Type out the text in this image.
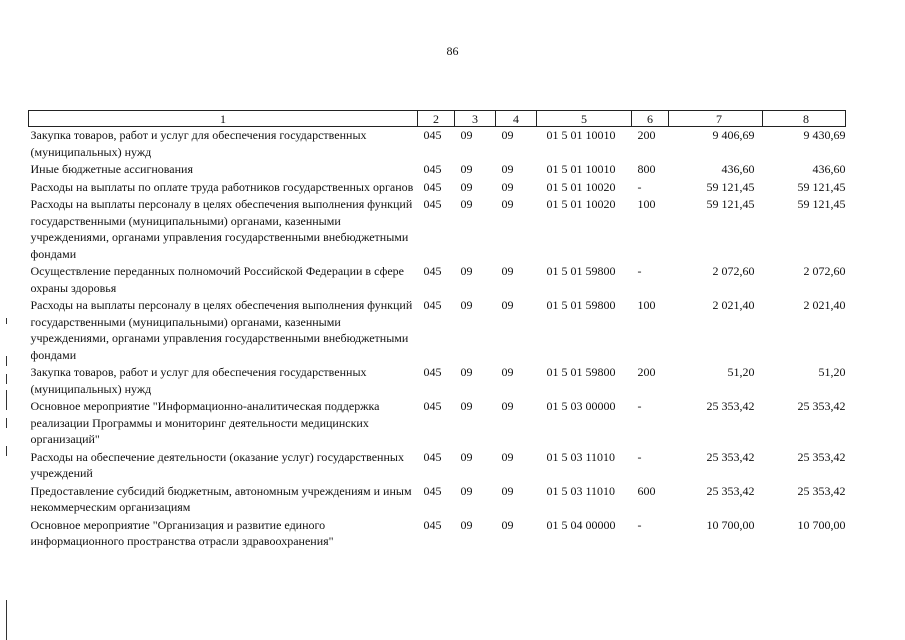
86
1	2	3	4	5	6	7	8
Закупка товаров, работ и услуг для обеспечения государственных (муниципальных) нужд	045	09	09	01 5 01 10010	200	9 406,69	9 430,69
Иные бюджетные ассигнования	045	09	09	01 5 01 10010	800	436,60	436,60
Расходы на выплаты по оплате труда работников государственных органов	045	09	09	01 5 01 10020	-	59 121,45	59 121,45
Расходы на выплаты персоналу в целях обеспечения выполнения функций государственными (муниципальными) органами, казенными учреждениями, органами управления государственными внебюджетными фондами	045	09	09	01 5 01 10020	100	59 121,45	59 121,45
Осуществление переданных полномочий Российской Федерации в сфере охраны здоровья	045	09	09	01 5 01 59800	-	2 072,60	2 072,60
Расходы на выплаты персоналу в целях обеспечения выполнения функций государственными (муниципальными) органами, казенными учреждениями, органами управления государственными внебюджетными фондами	045	09	09	01 5 01 59800	100	2 021,40	2 021,40
Закупка товаров, работ и услуг для обеспечения государственных (муниципальных) нужд	045	09	09	01 5 01 59800	200	51,20	51,20
Основное мероприятие "Информационно-аналитическая поддержка реализации Программы и мониторинг деятельности медицинских организаций"	045	09	09	01 5 03 00000	-	25 353,42	25 353,42
Расходы на обеспечение деятельности (оказание услуг) государственных учреждений	045	09	09	01 5 03 11010	-	25 353,42	25 353,42
Предоставление субсидий бюджетным, автономным учреждениям и иным некоммерческим организациям	045	09	09	01 5 03 11010	600	25 353,42	25 353,42
Основное мероприятие "Организация и развитие единого информационного пространства отрасли здравоохранения"	045	09	09	01 5 04 00000	-	10 700,00	10 700,00
